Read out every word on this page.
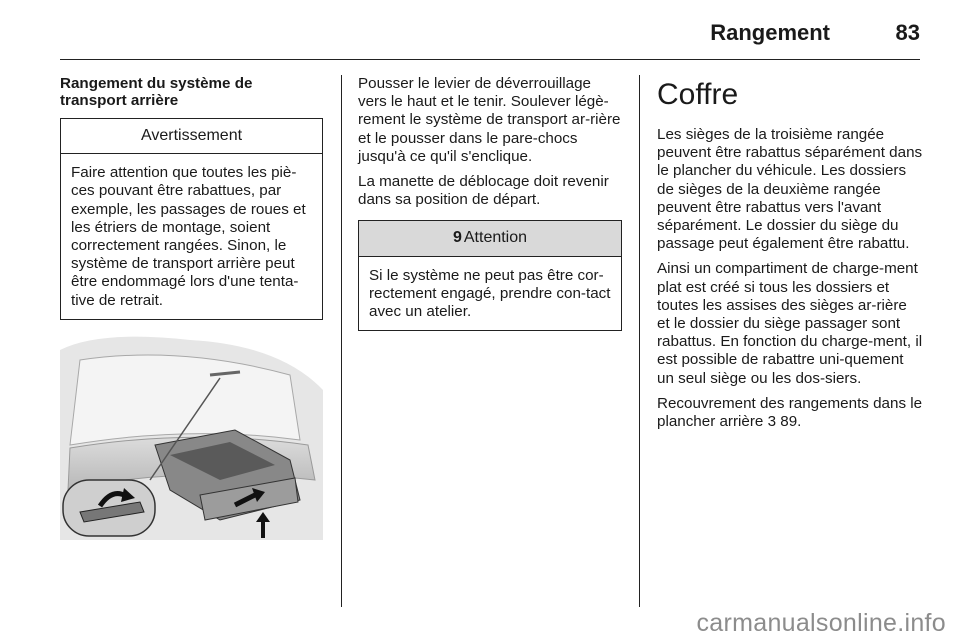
Rangement	83
Rangement du système de transport arrière
Avertissement
Faire attention que toutes les piè-ces pouvant être rabattues, par exemple, les passages de roues et les étriers de montage, soient correctement rangées. Sinon, le système de transport arrière peut être endommagé lors d'une tenta-tive de retrait.

Pousser le levier de déverrouillage vers le haut et le tenir. Soulever légè-rement le système de transport ar-rière et le pousser dans le pare-chocs jusqu'à ce qu'il s'enclique.

La manette de déblocage doit revenir dans sa position de départ.

9 Attention
Si le système ne peut pas être cor-rectement engagé, prendre con-tact avec un atelier.
Coffre

Les sièges de la troisième rangée peuvent être rabattus séparément dans le plancher du véhicule. Les dossiers de sièges de la deuxième rangée peuvent être rabattus vers l'avant séparément. Le dossier du siège du passage peut également être rabattu.

Ainsi un compartiment de charge-ment plat est créé si tous les dossiers et toutes les assises des sièges ar-rière et le dossier du siège passager sont rabattus. En fonction du charge-ment, il est possible de rabattre uni-quement un seul siège ou les dos-siers.

Recouvrement des rangements dans le plancher arrière 3 89.

carmanualsonline.info
